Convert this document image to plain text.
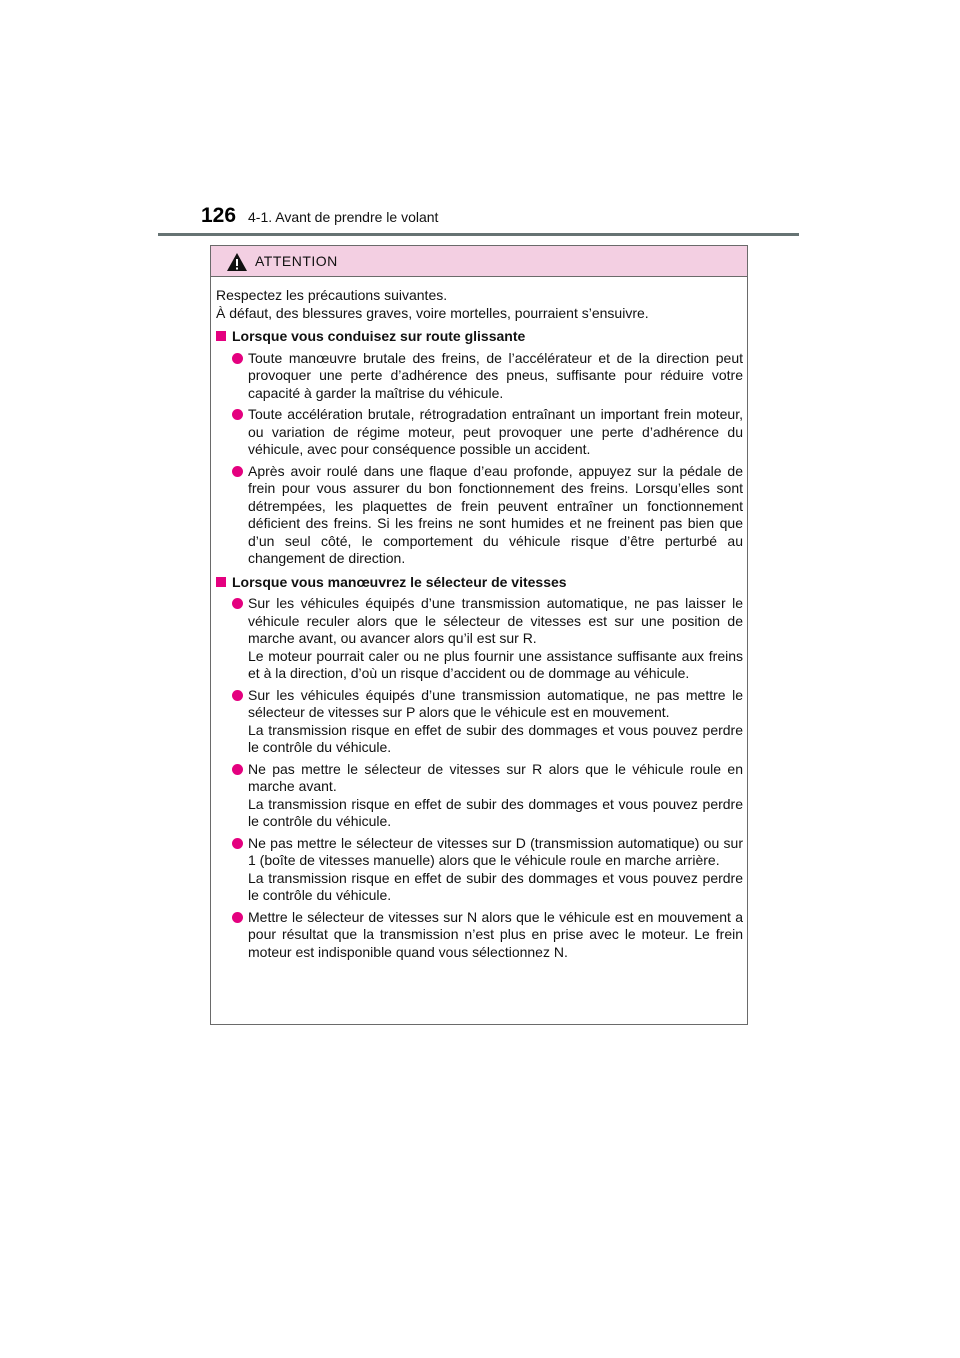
126 4-1. Avant de prendre le volant
ATTENTION

Respectez les précautions suivantes.

À défaut, des blessures graves, voire mortelles, pourraient s’ensuivre.

Lorsque vous conduisez sur route glissante

Toute manœuvre brutale des freins, de l’accélérateur et de la direction peut provoquer une perte d’adhérence des pneus, suffisante pour réduire votre capacité à garder la maîtrise du véhicule.

Toute accélération brutale, rétrogradation entraînant un important frein moteur, ou variation de régime moteur, peut provoquer une perte d’adhérence du véhicule, avec pour conséquence possible un accident.

Après avoir roulé dans une flaque d’eau profonde, appuyez sur la pédale de frein pour vous assurer du bon fonctionnement des freins. Lorsqu’elles sont détrempées, les plaquettes de frein peuvent entraîner un fonctionnement déficient des freins. Si les freins ne sont humides et ne freinent pas bien que d’un seul côté, le comportement du véhicule risque d’être perturbé au changement de direction.

Lorsque vous manœuvrez le sélecteur de vitesses

Sur les véhicules équipés d’une transmission automatique, ne pas laisser le véhicule reculer alors que le sélecteur de vitesses est sur une position de marche avant, ou avancer alors qu’il est sur R.

Le moteur pourrait caler ou ne plus fournir une assistance suffisante aux freins et à la direction, d’où un risque d’accident ou de dommage au véhicule.

Sur les véhicules équipés d’une transmission automatique, ne pas mettre le sélecteur de vitesses sur P alors que le véhicule est en mouvement.

La transmission risque en effet de subir des dommages et vous pouvez perdre le contrôle du véhicule.

Ne pas mettre le sélecteur de vitesses sur R alors que le véhicule roule en marche avant.

La transmission risque en effet de subir des dommages et vous pouvez perdre le contrôle du véhicule.

Ne pas mettre le sélecteur de vitesses sur D (transmission automatique) ou sur 1 (boîte de vitesses manuelle) alors que le véhicule roule en marche arrière.

La transmission risque en effet de subir des dommages et vous pouvez perdre le contrôle du véhicule.

Mettre le sélecteur de vitesses sur N alors que le véhicule est en mouvement a pour résultat que la transmission n’est plus en prise avec le moteur. Le frein moteur est indisponible quand vous sélectionnez N.
